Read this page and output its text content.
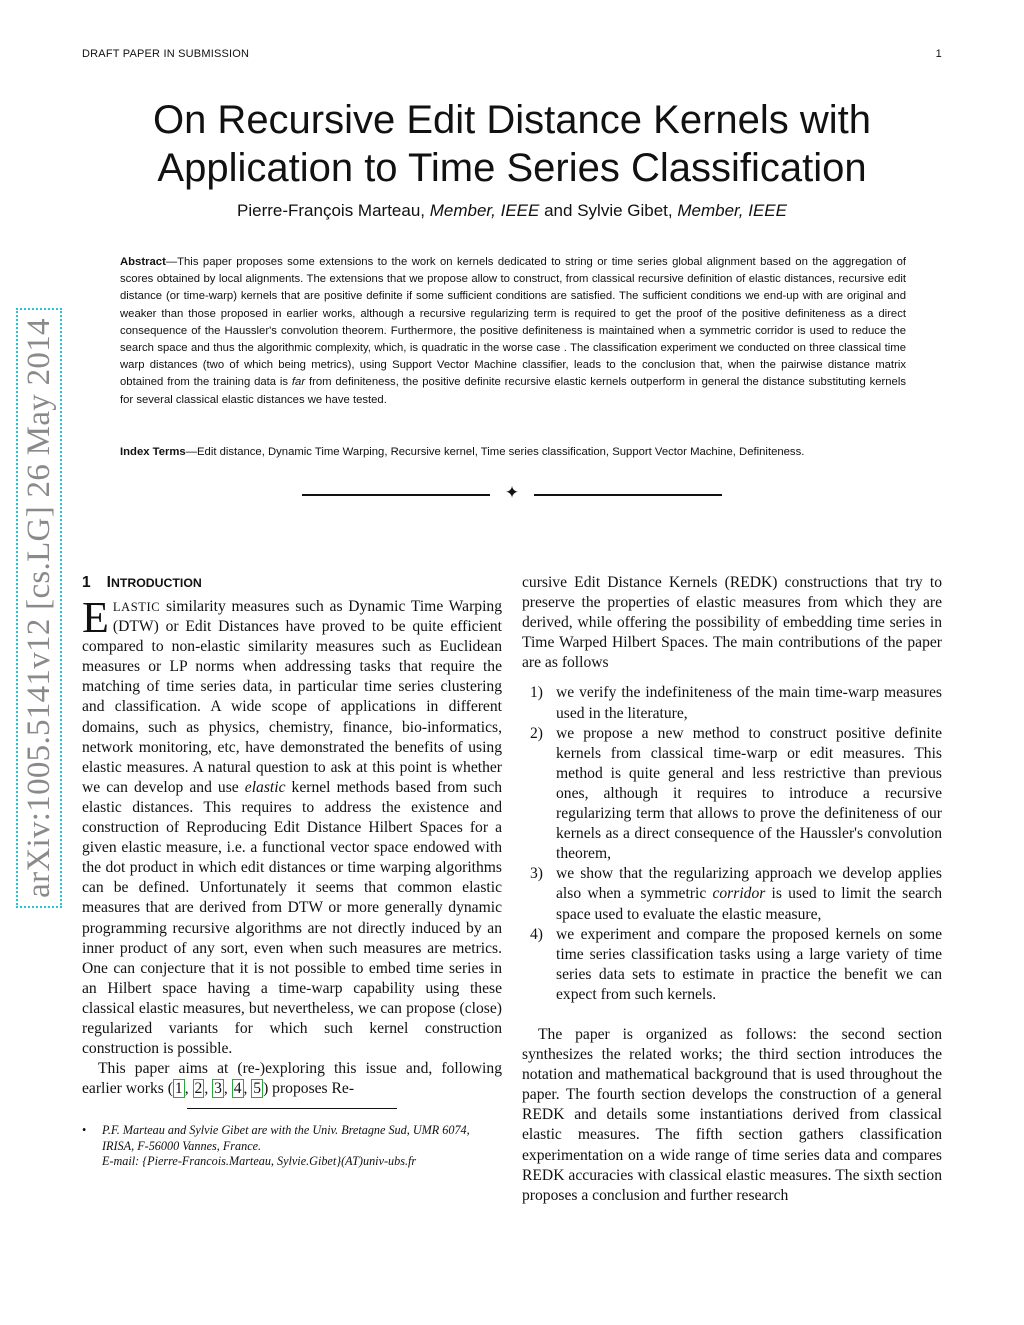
DRAFT PAPER IN SUBMISSION	1
arXiv:1005.5141v12 [cs.LG] 26 May 2014
On Recursive Edit Distance Kernels with
Application to Time Series Classification
Pierre-François Marteau, Member, IEEE and Sylvie Gibet, Member, IEEE

Abstract—This paper proposes some extensions to the work on kernels dedicated to string or time series global alignment based on the aggregation of scores obtained by local alignments. The extensions that we propose allow to construct, from classical recursive definition of elastic distances, recursive edit distance (or time-warp) kernels that are positive definite if some sufficient conditions are satisfied. The sufficient conditions we end-up with are original and weaker than those proposed in earlier works, although a recursive regularizing term is required to get the proof of the positive definiteness as a direct consequence of the Haussler's convolution theorem. Furthermore, the positive definiteness is maintained when a symmetric corridor is used to reduce the search space and thus the algorithmic complexity, which, is quadratic in the worse case . The classification experiment we conducted on three classical time warp distances (two of which being metrics), using Support Vector Machine classifier, leads to the conclusion that, when the pairwise distance matrix obtained from the training data is far from definiteness, the positive definite recursive elastic kernels outperform in general the distance substituting kernels for several classical elastic distances we have tested.

Index Terms—Edit distance, Dynamic Time Warping, Recursive kernel, Time series classification, Support Vector Machine, Definiteness.

✦
1 INTRODUCTION

ELASTIC similarity measures such as Dynamic Time Warping (DTW) or Edit Distances have proved to be quite efficient compared to non-elastic similarity measures such as Euclidean measures or LP norms when addressing tasks that require the matching of time series data, in particular time series clustering and classification. A wide scope of applications in different domains, such as physics, chemistry, finance, bio-informatics, network monitoring, etc, have demonstrated the benefits of using elastic measures. A natural question to ask at this point is whether we can develop and use elastic kernel methods based from such elastic distances. This requires to address the existence and construction of Reproducing Edit Distance Hilbert Spaces for a given elastic measure, i.e. a functional vector space endowed with the dot product in which edit distances or time warping algorithms can be defined. Unfortunately it seems that common elastic measures that are derived from DTW or more generally dynamic programming recursive algorithms are not directly induced by an inner product of any sort, even when such measures are metrics. One can conjecture that it is not possible to embed time series in an Hilbert space having a time-warp capability using these classical elastic measures, but nevertheless, we can propose (close) regularized variants for which such kernel construction construction is possible.

This paper aims at (re-)exploring this issue and, following earlier works ( 1 , 2 , 3 , 4 , 5 ) proposes Re-

• P.F. Marteau and Sylvie Gibet are with the Univ. Bretagne Sud, UMR 6074, IRISA, F-56000 Vannes, France.
E-mail: {Pierre-Francois.Marteau, Sylvie.Gibet}(AT)univ-ubs.fr

cursive Edit Distance Kernels (REDK) constructions that try to preserve the properties of elastic measures from which they are derived, while offering the possibility of embedding time series in Time Warped Hilbert Spaces. The main contributions of the paper are as follows

1) we verify the indefiniteness of the main time-warp measures used in the literature,
2) we propose a new method to construct positive definite kernels from classical time-warp or edit measures. This method is quite general and less restrictive than previous ones, although it requires to introduce a recursive regularizing term that allows to prove the definiteness of our kernels as a direct consequence of the Haussler's convolution theorem,
3) we show that the regularizing approach we develop applies also when a symmetric corridor is used to limit the search space used to evaluate the elastic measure,
4) we experiment and compare the proposed kernels on some time series classification tasks using a large variety of time series data sets to estimate in practice the benefit we can expect from such kernels.

The paper is organized as follows: the second section synthesizes the related works; the third section introduces the notation and mathematical background that is used throughout the paper. The fourth section develops the construction of a general REDK and details some instantiations derived from classical elastic measures. The fifth section gathers classification experimentation on a wide range of time series data and compares REDK accuracies with classical elastic measures. The sixth section proposes a conclusion and further research
